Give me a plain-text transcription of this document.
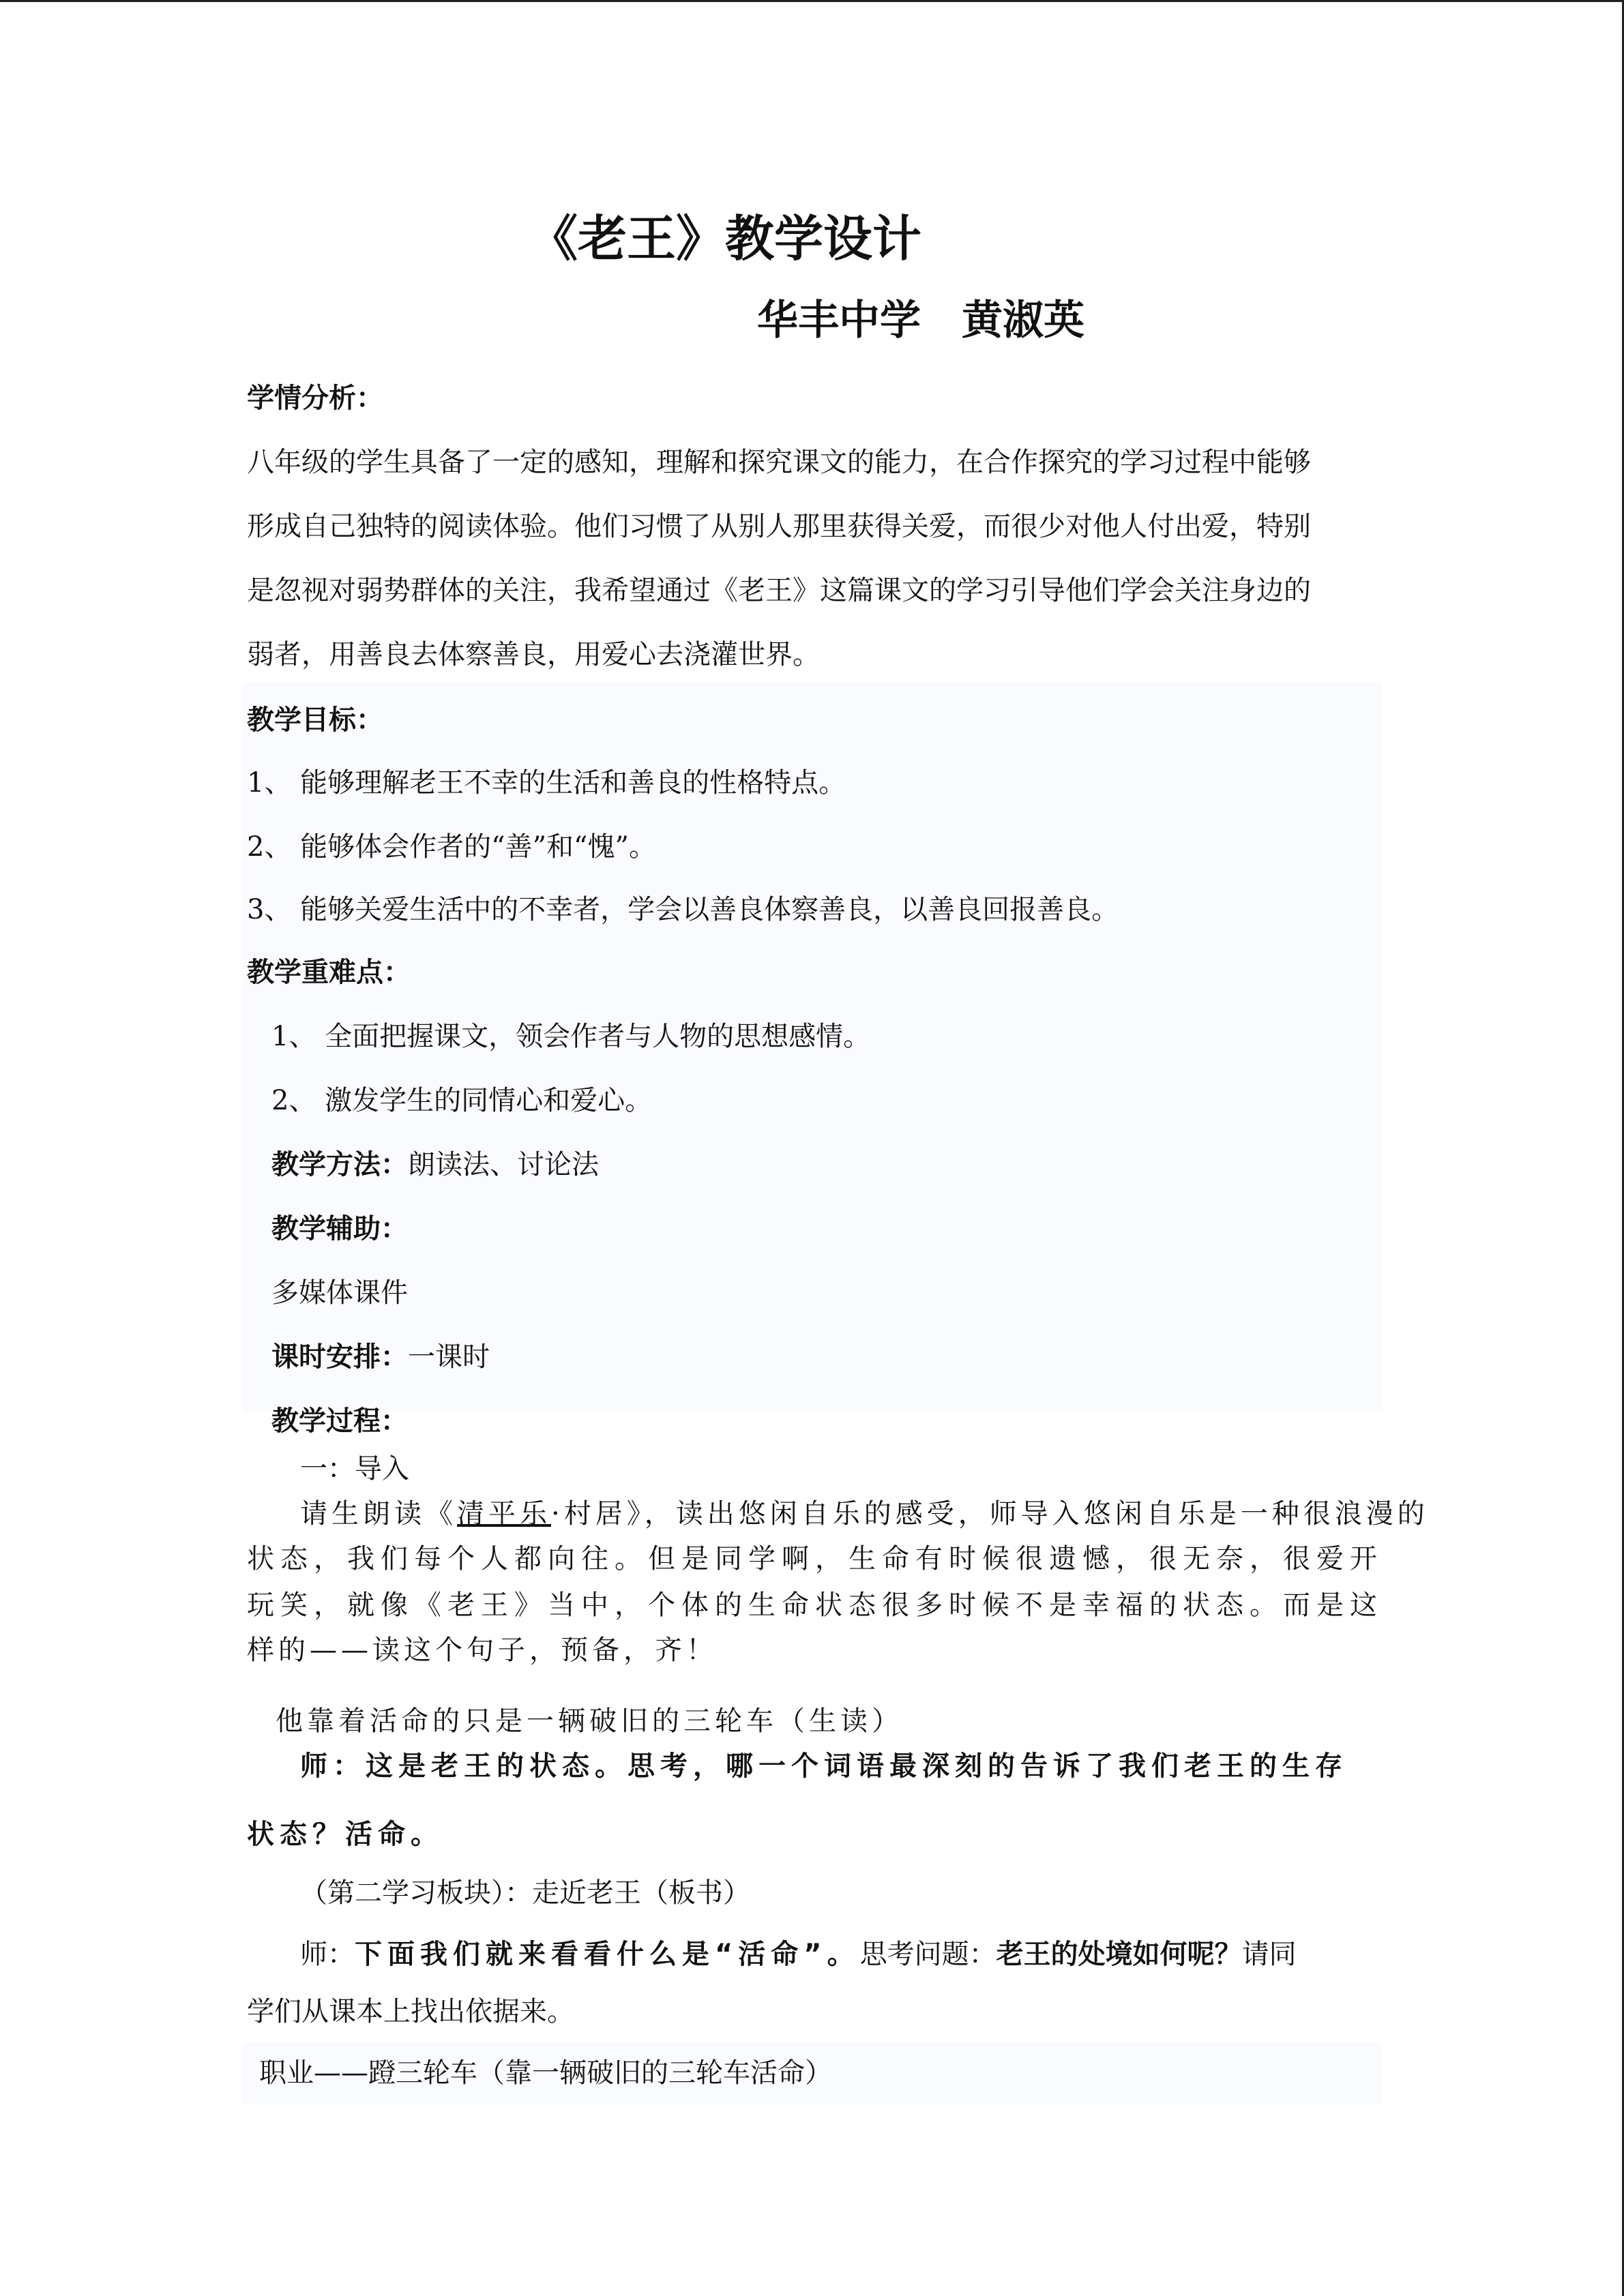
《老王》教学设计
华丰中学 黄淑英
学情分析：
八年级的学生具备了一定的感知，理解和探究课文的能力，在合作探究的学习过程中能够
形成自己独特的阅读体验。他们习惯了从别人那里获得关爱，而很少对他人付出爱，特别
是忽视对弱势群体的关注，我希望通过《老王》这篇课文的学习引导他们学会关注身边的
弱者，用善良去体察善良，用爱心去浇灌世界。
教学目标：
1、 能够理解老王不幸的生活和善良的性格特点。
2、 能够体会作者的“善”和“愧”。
3、 能够关爱生活中的不幸者，学会以善良体察善良，以善良回报善良。
教学重难点：
1、 全面把握课文，领会作者与人物的思想感情。
2、 激发学生的同情心和爱心。
教学方法：朗读法、讨论法
教学辅助：
多媒体课件
课时安排：一课时
教学过程：
一：导入
请生朗读《清平乐·村居》，读出悠闲自乐的感受，师导入悠闲自乐是一种很浪漫的
状态，我们每个人都向往。但是同学啊，生命有时候很遗憾，很无奈，很爱开
玩笑，就像《老王》当中，个体的生命状态很多时候不是幸福的状态。而是这
样的——读这个句子，预备，齐！
他靠着活命的只是一辆破旧的三轮车（生读）
师：这是老王的状态。思考，哪一个词语最深刻的告诉了我们老王的生存
状态？活命。
（第二学习板块）：走近老王（板书）
师：下面我们就来看看什么是“活命”。思考问题：老王的处境如何呢？请同
学们从课本上找出依据来。
职业——蹬三轮车（靠一辆破旧的三轮车活命）
